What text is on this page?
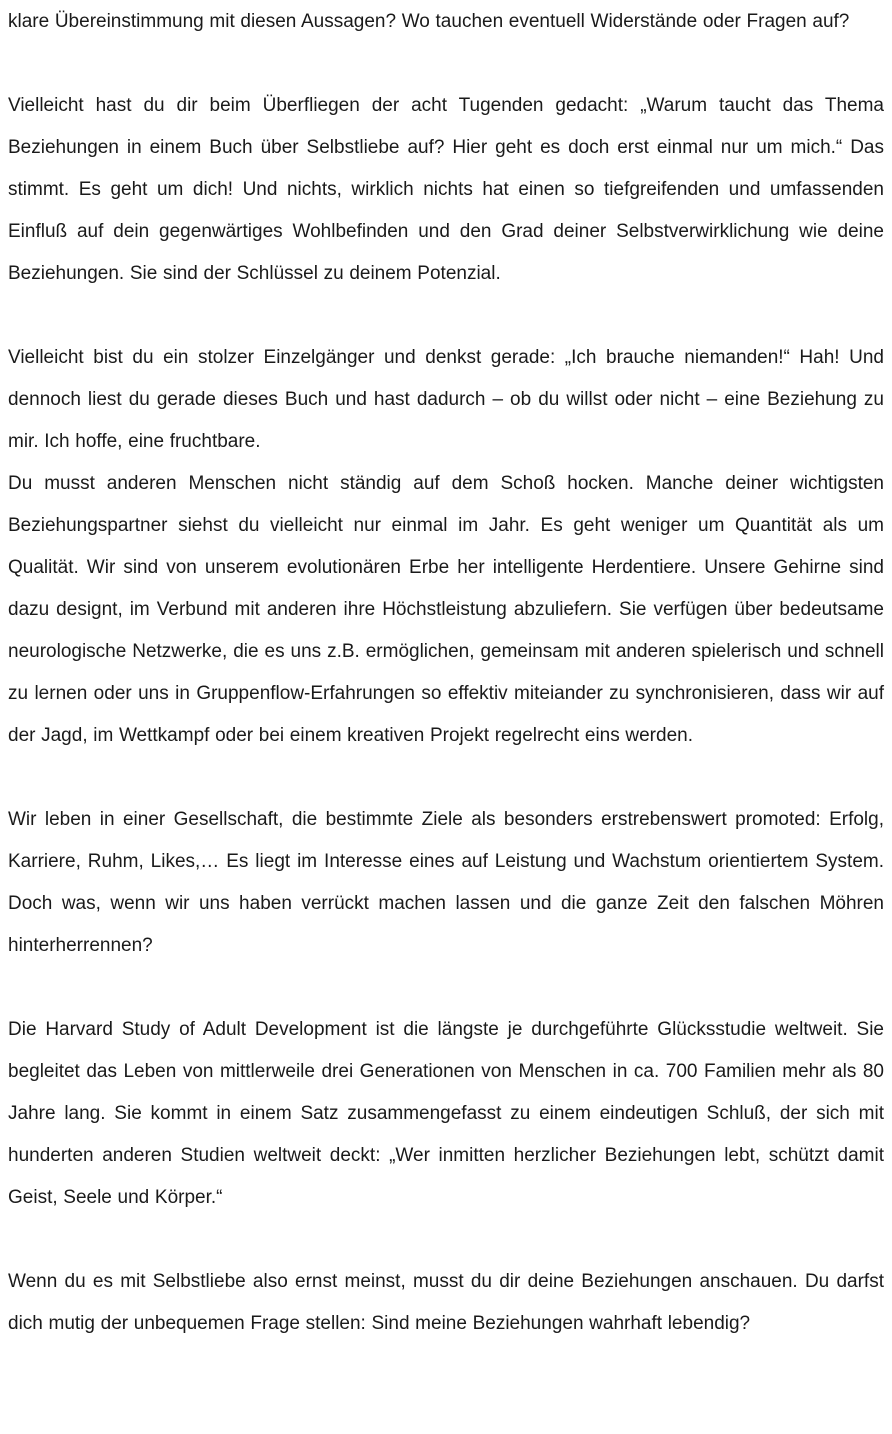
klare Übereinstimmung mit diesen Aussagen? Wo tauchen eventuell Widerstände oder Fragen auf?

Vielleicht hast du dir beim Überfliegen der acht Tugenden gedacht: „Warum taucht das Thema Beziehungen in einem Buch über Selbstliebe auf? Hier geht es doch erst einmal nur um mich.“ Das stimmt. Es geht um dich! Und nichts, wirklich nichts hat einen so tiefgreifenden und umfassenden Einfluß auf dein gegenwärtiges Wohlbefinden und den Grad deiner Selbstverwirklichung wie deine Beziehungen. Sie sind der Schlüssel zu deinem Potenzial.

Vielleicht bist du ein stolzer Einzelgänger und denkst gerade: „Ich brauche niemanden!“ Hah! Und dennoch liest du gerade dieses Buch und hast dadurch – ob du willst oder nicht – eine Beziehung zu mir. Ich hoffe, eine fruchtbare.

Du musst anderen Menschen nicht ständig auf dem Schoß hocken. Manche deiner wichtigsten Beziehungspartner siehst du vielleicht nur einmal im Jahr. Es geht weniger um Quantität als um Qualität. Wir sind von unserem evolutionären Erbe her intelligente Herdentiere. Unsere Gehirne sind dazu designt, im Verbund mit anderen ihre Höchstleistung abzuliefern. Sie verfügen über bedeutsame neurologische Netzwerke, die es uns z.B. ermöglichen, gemeinsam mit anderen spielerisch und schnell zu lernen oder uns in Gruppenflow-Erfahrungen so effektiv miteiander zu synchronisieren, dass wir auf der Jagd, im Wettkampf oder bei einem kreativen Projekt regelrecht eins werden.

Wir leben in einer Gesellschaft, die bestimmte Ziele als besonders erstrebenswert promoted: Erfolg, Karriere, Ruhm, Likes,… Es liegt im Interesse eines auf Leistung und Wachstum orientiertem System. Doch was, wenn wir uns haben verrückt machen lassen und die ganze Zeit den falschen Möhren hinterherrennen?

Die Harvard Study of Adult Development ist die längste je durchgeführte Glücksstudie weltweit. Sie begleitet das Leben von mittlerweile drei Generationen von Menschen in ca. 700 Familien mehr als 80 Jahre lang. Sie kommt in einem Satz zusammengefasst zu einem eindeutigen Schluß, der sich mit hunderten anderen Studien weltweit deckt: „Wer inmitten herzlicher Beziehungen lebt, schützt damit Geist, Seele und Körper.“

Wenn du es mit Selbstliebe also ernst meinst, musst du dir deine Beziehungen anschauen. Du darfst dich mutig der unbequemen Frage stellen: Sind meine Beziehungen wahrhaft lebendig?
